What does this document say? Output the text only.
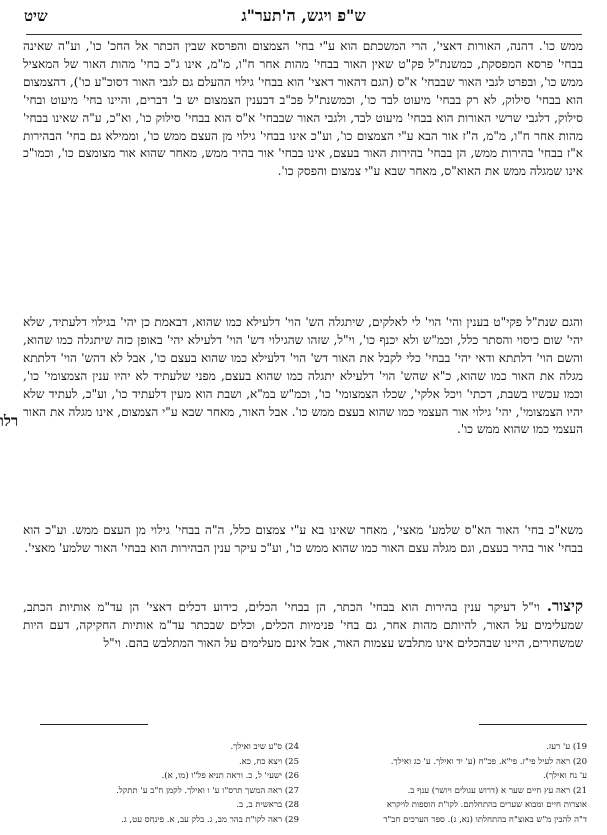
ש"פ ויגש, ה'תער"ג
שיט

ממש כו'. דהנה, האורות דאצי', הרי המשכתם הוא ע"י בחי' הצמצום והפרסא שבין הכתר אל החכ' כו', וע"ה שאינה בבחי' פרסא המפסקת, כמשנת"ל פק"ט שאין האור בבחי' מהות אחר ח"ו, מ"מ, אינו ג"כ בחי' מהות האור של המאציל ממש כו', ובפרט לגבי האור שבבחי' א"ס (הגם דהאור דאצי' הוא בבחי' גילוי ההעלם גם לגבי האור דסוכ"ע כו'), דהצמצום הוא בבחי' סילוק, לא רק בבחי' מיעוט לבד כו', וכמשנת"ל פכ"ב דבענין הצמצום יש ב' דברים, והיינו בחי' מיעוט ובחי' סילוק, דלגבי שרשי האורות הוא בבחי' מיעוט לבד, ולגבי האור שבבחי' א"ס הוא בבחי' סילוק כו', וא"כ, ע"ה שאינו בבחי' מהות אחר ח"ו, מ"מ, ה"ז אור הבא ע"י הצמצום כו', וע"כ אינו בבחי' גילוי מן העצם ממש כו', וממילא גם בחי' הבהירות א"ז בבחי' בהירות ממש, הן בבחי' בהירות האור בעצם, אינו בבחי' אור בהיר ממש, מאחר שהוא אור מצומצם כו', וכמו"כ אינו שמגלה ממש את האוא"ס, מאחר שבא ע"י צמצום והפסק כו'.

והגם שנת"ל פקי"ט בענין והי' הוי' לי לאלקים, שיתגלה הש' הוי' דלעילא כמו שהוא, דבאמת כן יהי' בגילוי דלעתיד, שלא יהי' שום כיסוי והסתר כלל, וכמ"ש ולא יכנף כו', וי"ל, שזהו שהגילוי דש' הוי' דלעילא יהי' באופן כזה שיתגלה כמו שהוא, והשם הוי' דלתתא ודאי יהי' בבחי' כלי לקבל את האור דש' הוי' דלעילא כמו שהוא בעצם כו', אבל לא דהש' הוי' דלתתא מגלה את האור כמו שהוא, כ"א שהש' הוי' דלעילא יתגלה כמו שהוא בעצם, מפני שלעתיד לא יהיו ענין הצמצומי' כו', וכמו עכשיו בשבת, דכתי' ויכל אלקי', שכלו הצמצומי' כו', וכמ"ש במ"א, ושבת הוא מעין דלעתיד כו', וע"כ, לעתיד שלא יהיו הצמצומי', יהי' גילוי אור העצמי כמו שהוא בעצם ממש כו'. אבל האור, מאחר שבא ע"י הצמצום, אינו מגלה את האור העצמי כמו שהוא ממש כו'.

רלו

משא"כ בחי' האור הא"ס שלמע' מאצי', מאחר שאינו בא ע"י צמצום כלל, ה"ה בבחי' גילוי מן העצם ממש. וע"כ הוא בבחי' אור בהיר בעצם, וגם מגלה עצם האור כמו שהוא ממש כו', וע"כ עיקר ענין הבהירות הוא בבחי' האור שלמע' מאצי'.

קיצור. וי"ל דעיקר ענין בהירות הוא בבחי' הכתר, הן בבחי' הכלים, כידוע דכלים דאצי' הן עד"מ אותיות הכתב, שמעלימים על האור, להיותם מהות אחר, גם בחי' פנימיות הכלים, וכלים שבכתר עד"מ אותיות החקיקה, דעם היות שמשחירים, היינו שבהכלים אינו מתלבש עצמות האור, אבל אינם מעלימים על האור המתלבש בהם. וי"ל

19) ע' רעז.
20) ראה לעיל פי"ז. פי"א. פכ"ח (ע' יד ואילך. ע' כג ואילך.
ע' נח ואילך).
21) ראה עץ חיים שער א (דרוש עגולים ויושר) ענף ב.
אוצרות חיים ומבוא שערים בהתחלתם. לקו"ת הוספות לויקרא
ד"ה להבין מ"ש באוצ"ח בהתחלתו (נא, ג). ספר הערכים חב"ד
24) ס"ע שיב ואילך.
25) ויצא כח, כא.
26) ישעי' ל, כ. וראה תניא פל"ו (מו, א).
27) ראה המשך תרס"ו ע' ו ואילך. לקמן ח"ב ע' תתקל.
28) בראשית ב, ב.
29) ראה לקו"ת בהר מב, ג. בלק עב, א. פינחס עט, ג.
